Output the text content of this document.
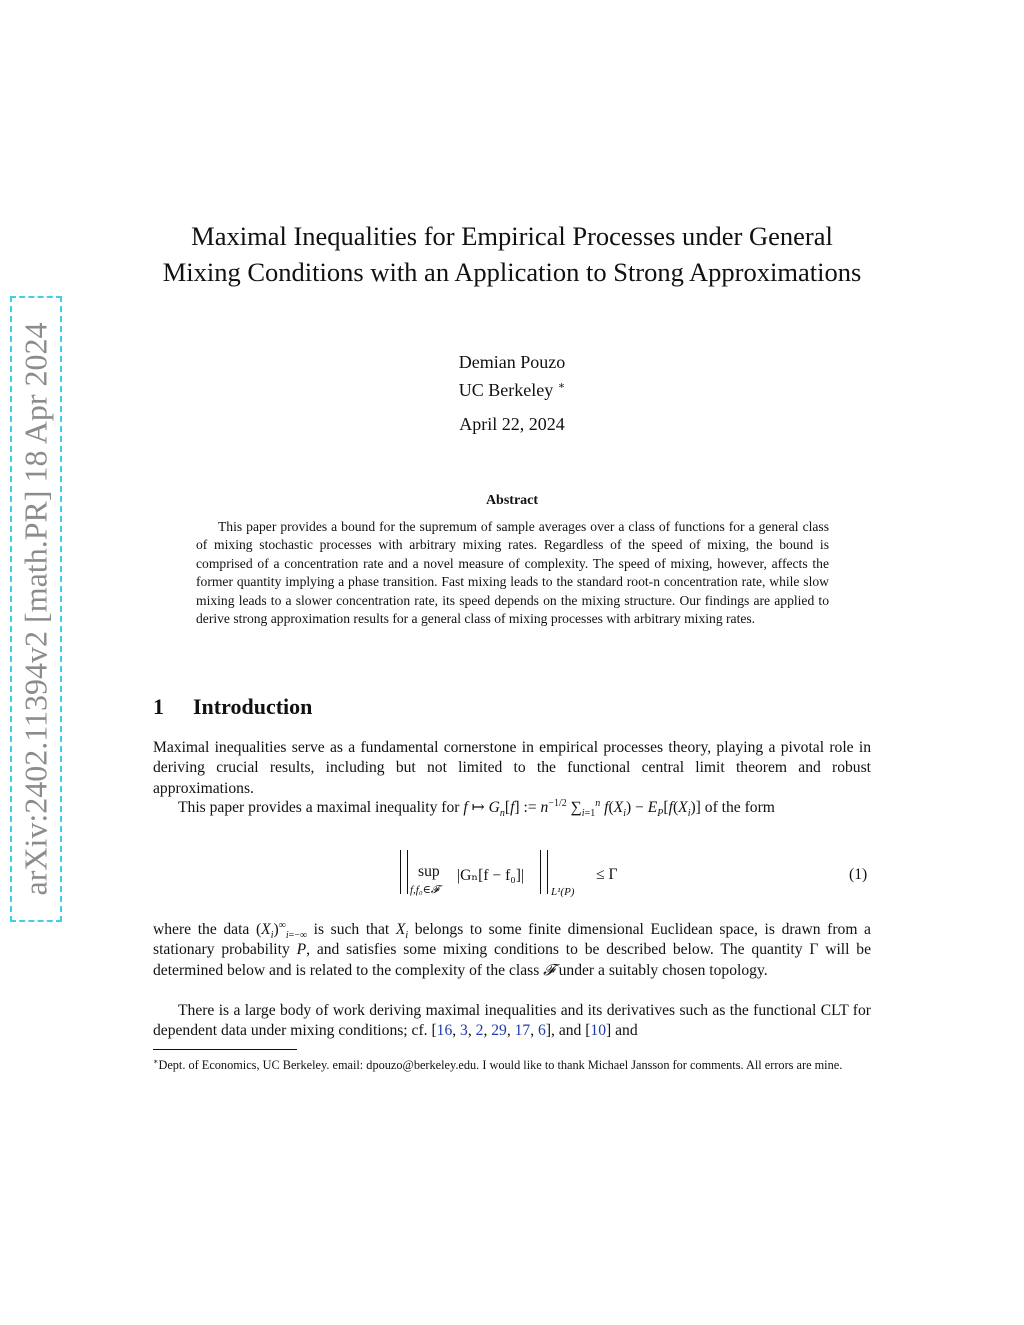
arXiv:2402.11394v2 [math.PR] 18 Apr 2024
Maximal Inequalities for Empirical Processes under General Mixing Conditions with an Application to Strong Approximations
Demian Pouzo
UC Berkeley ∗
April 22, 2024
Abstract

This paper provides a bound for the supremum of sample averages over a class of functions for a general class of mixing stochastic processes with arbitrary mixing rates. Regardless of the speed of mixing, the bound is comprised of a concentration rate and a novel measure of complexity. The speed of mixing, however, affects the former quantity implying a phase transition. Fast mixing leads to the standard root-n concentration rate, while slow mixing leads to a slower concentration rate, its speed depends on the mixing structure. Our findings are applied to derive strong approximation results for a general class of mixing processes with arbitrary mixing rates.

1 Introduction

Maximal inequalities serve as a fundamental cornerstone in empirical processes theory, playing a pivotal role in deriving crucial results, including but not limited to the functional central limit theorem and robust approximations.

This paper provides a maximal inequality for f ↦ $G_n[f]$ := $n^{-1/2}$ $\sum_{i=1}^n$ $f(X_i) - E_P[f(X_i)]$ of the form

sup
f,f₀∈𝓕
|Gₙ[f − f₀]|
L¹(P)
≤ Γ	(1)

where the data $(X_i)^\infty_{i=-\infty}$ is such that $X_i$ belongs to some finite dimensional Euclidean space, is drawn from a stationary probability P, and satisfies some mixing conditions to be described below. The quantity Γ will be determined below and is related to the complexity of the class 𝓕 under a suitably chosen topology.

There is a large body of work deriving maximal inequalities and its derivatives such as the functional CLT for dependent data under mixing conditions; cf. [16, 3, 2, 29, 17, 6], and [10] and

∗Dept. of Economics, UC Berkeley. email: dpouzo@berkeley.edu. I would like to thank Michael Jansson for comments. All errors are mine.
